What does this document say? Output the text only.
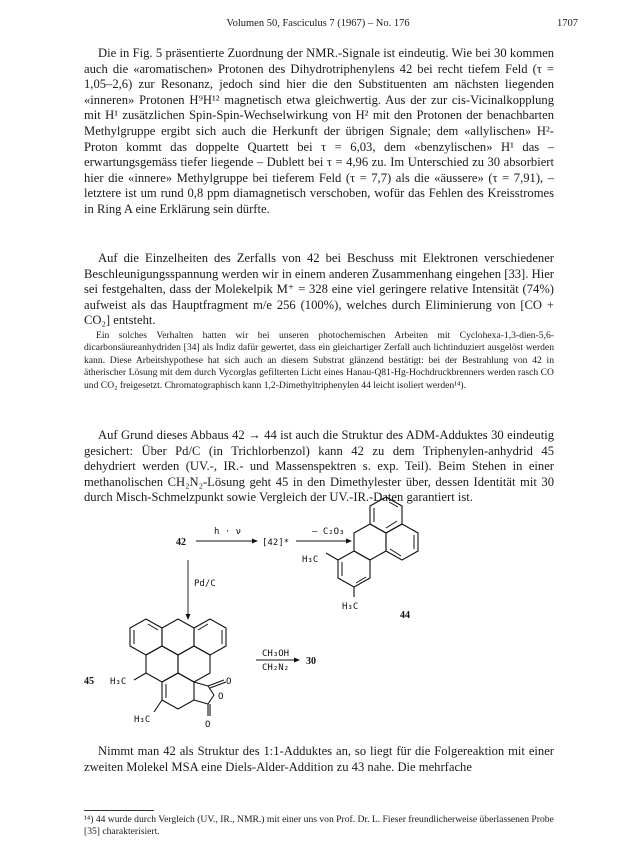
Volumen 50, Fasciculus 7 (1967) – No. 176	1707

Die in Fig. 5 präsentierte Zuordnung der NMR.-Signale ist eindeutig. Wie bei 30 kommen auch die «aromatischen» Protonen des Dihydrotriphenylens 42 bei recht tiefem Feld (τ = 1,05–2,6) zur Resonanz, jedoch sind hier die den Substituenten am nächsten liegenden «inneren» Protonen H⁹H¹² magnetisch etwa gleichwertig. Aus der zur cis-Vicinalkopplung mit H¹ zusätzlichen Spin-Spin-Wechselwirkung von H² mit den Protonen der benachbarten Methylgruppe ergibt sich auch die Herkunft der übrigen Signale; dem «allylischen» H²-Proton kommt das doppelte Quartett bei τ = 6,03, dem «benzylischen» H¹ das – erwartungsgemäss tiefer liegende – Dublett bei τ = 4,96 zu. Im Unterschied zu 30 absorbiert hier die «innere» Methylgruppe bei tieferem Feld (τ = 7,7) als die «äussere» (τ = 7,91), – letztere ist um rund 0,8 ppm diamagnetisch verschoben, wofür das Fehlen des Kreisstromes in Ring A eine Erklärung sein dürfte.

Auf die Einzelheiten des Zerfalls von 42 bei Beschuss mit Elektronen verschiedener Beschleunigungsspannung werden wir in einem anderen Zusammenhang eingehen [33]. Hier sei festgehalten, dass der Molekelpik M⁺ = 328 eine viel geringere relative Intensität (74%) aufweist als das Hauptfragment m/e 256 (100%), welches durch Eliminierung von [CO + CO₂] entsteht.

Ein solches Verhalten hatten wir bei unseren photochemischen Arbeiten mit Cyclohexa-1,3-dien-5,6-dicarbonsäureanhydriden [34] als Indiz dafür gewertet, dass ein gleichartiger Zerfall auch lichtinduziert ausgelöst werden kann. Diese Arbeitshypothese hat sich auch an diesem Substrat glänzend bestätigt: bei der Bestrahlung von 42 in ätherischer Lösung mit dem durch Vycorglas gefilterten Licht eines Hanau-Q81-Hg-Hochdruckbrenners werden rasch CO und CO₂ freigesetzt. Chromatographisch kann 1,2-Dimethyltriphenylen 44 leicht isoliert werden¹⁴).

Auf Grund dieses Abbaus 42 → 44 ist auch die Struktur des ADM-Adduktes 30 eindeutig gesichert: Über Pd/C (in Trichlorbenzol) kann 42 zu dem Triphenylen-anhydrid 45 dehydriert werden (UV.-, IR.- und Massenspektren s. exp. Teil). Beim Stehen in einer methanolischen CH₂N₂-Lösung geht 45 in den Dimethylester über, dessen Identität mit 30 durch Misch-Schmelzpunkt sowie Vergleich der UV.-IR.-Daten garantiert ist.

42
h · ν
[42]*
– C₂O₃
H₃C
H₃C
44
Pd/C
O
O
O
H₃C
H₃C
45
CH₃OH
CH₂N₂
30

Nimmt man 42 als Struktur des 1:1-Adduktes an, so liegt für die Folgereaktion mit einer zweiten Molekel MSA eine Diels-Alder-Addition zu 43 nahe. Die mehrfache

¹⁴) 44 wurde durch Vergleich (UV., IR., NMR.) mit einer uns von Prof. Dr. L. Fieser freundlicherweise überlassenen Probe [35] charakterisiert.
